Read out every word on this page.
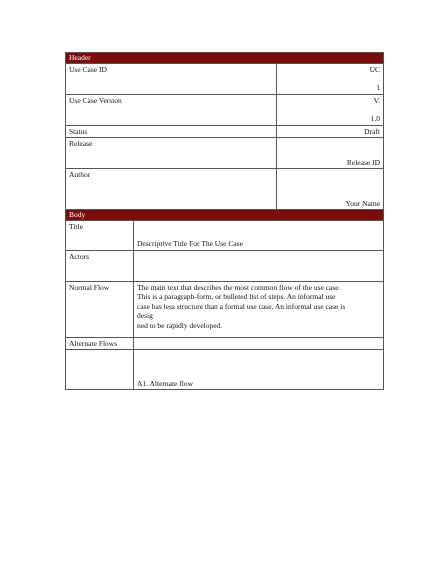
Header	
Use Case ID	UC
1

Use Case Version	V.
1.0

Status	Draft
Release	Release ID

Author	Your Name
Body	
Title	Descriptive Title For The Use Case

Actors	
Normal Flow	The main text that describes the most common flow of the use case.
This is a paragraph-form, or bulleted list of steps. An informal use
case has less structure than a formal use case. An informal use case is
desig
ned to be rapidly developed.

Alternate Flows	

	A1. Alternate flow
